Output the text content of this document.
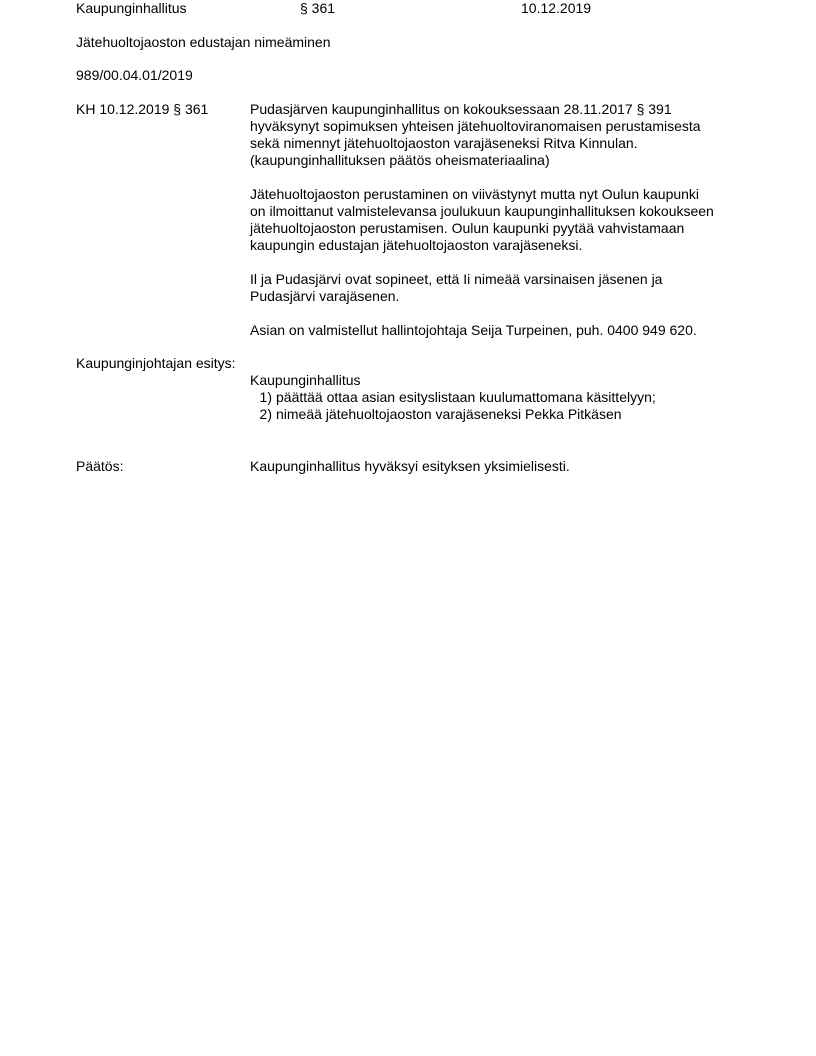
Kaupunginhallitus	§ 361	10.12.2019
Jätehuoltojaoston edustajan nimeäminen
989/00.04.01/2019
KH 10.12.2019 § 361	Pudasjärven kaupunginhallitus on kokouksessaan 28.11.2017 § 391
hyväksynyt sopimuksen yhteisen jätehuoltoviranomaisen perustamisesta
sekä nimennyt jätehuoltojaoston varajäseneksi Ritva Kinnulan.
(kaupunginhallituksen päätös oheismateriaalina)
Jätehuoltojaoston perustaminen on viivästynyt mutta nyt Oulun kaupunki
on ilmoittanut valmistelevansa joulukuun kaupunginhallituksen kokoukseen
jätehuoltojaoston perustamisen. Oulun kaupunki pyytää vahvistamaan
kaupungin edustajan jätehuoltojaoston varajäseneksi.
Il ja Pudasjärvi ovat sopineet, että Ii nimeää varsinaisen jäsenen ja
Pudasjärvi varajäsenen.
Asian on valmistellut hallintojohtaja Seija Turpeinen, puh. 0400 949 620.
Kaupunginjohtajan esitys:
Kaupunginhallitus
1) päättää ottaa asian esityslistaan kuulumattomana käsittelyyn;
2) nimeää jätehuoltojaoston varajäseneksi Pekka Pitkäsen
Päätös:	Kaupunginhallitus hyväksyi esityksen yksimielisesti.
